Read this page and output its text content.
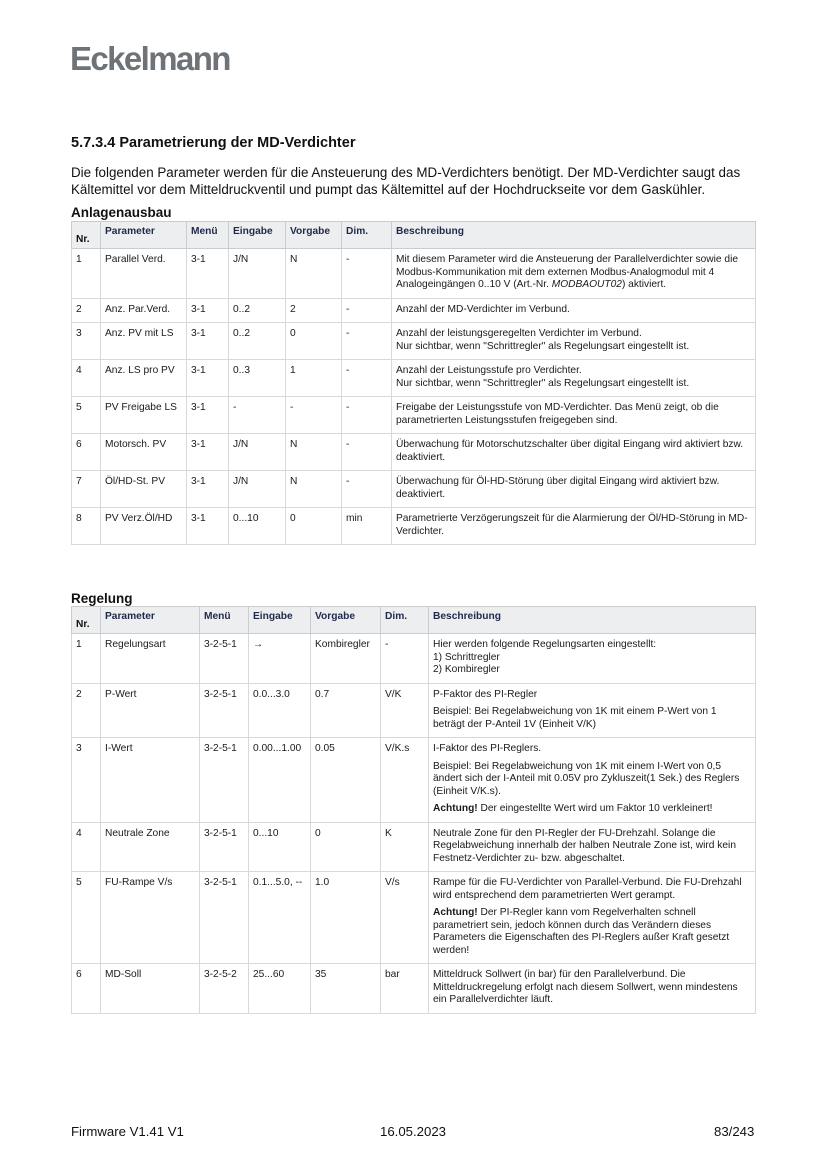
Eckelmann
5.7.3.4 Parametrierung der MD-Verdichter
Die folgenden Parameter werden für die Ansteuerung des MD-Verdichters benötigt. Der MD-Verdichter saugt das Kältemittel vor dem Mitteldruckventil und pumpt das Kältemittel auf der Hochdruckseite vor dem Gaskühler.
Anlagenausbau
Nr.	Parameter	Menü	Eingabe	Vorgabe	Dim.	Beschreibung
1	Parallel Verd.	3-1	J/N	N	-	Mit diesem Parameter wird die Ansteuerung der Parallelverdichter sowie die Modbus-Kommunikation mit dem externen Modbus-Analogmodul mit 4 Analogeingängen 0..10 V (Art.-Nr. MODBAOUT02) aktiviert.

2	Anz. Par.Verd.	3-1	0..2	2	-	Anzahl der MD-Verdichter im Verbund.

3	Anz. PV mit LS	3-1	0..2	0	-	Anzahl der leistungsgeregelten Verdichter im Verbund.
Nur sichtbar, wenn "Schrittregler" als Regelungsart eingestellt ist.

4	Anz. LS pro PV	3-1	0..3	1	-	Anzahl der Leistungsstufe pro Verdichter.
Nur sichtbar, wenn "Schrittregler" als Regelungsart eingestellt ist.

5	PV Freigabe LS	3-1	-	-	-	Freigabe der Leistungsstufe von MD-Verdichter. Das Menü zeigt, ob die parametrierten Leistungsstufen freigegeben sind.

6	Motorsch. PV	3-1	J/N	N	-	Überwachung für Motorschutzschalter über digital Eingang wird aktiviert bzw. deaktiviert.

7	Öl/HD-St. PV	3-1	J/N	N	-	Überwachung für Öl-HD-Störung über digital Eingang wird aktiviert bzw. deaktiviert.

8	PV Verz.Öl/HD	3-1	0...10	0	min	Parametrierte Verzögerungszeit für die Alarmierung der Öl/HD-Störung in MD-Verdichter.

Regelung
Nr.	Parameter	Menü	Eingabe	Vorgabe	Dim.	Beschreibung
1	Regelungsart	3-2-5-1	→	Kombiregler	-	Hier werden folgende Regelungsarten eingestellt:
1) Schrittregler
2) Kombiregler

2	P-Wert	3-2-5-1	0.0...3.0	0.7	V/K	P-Faktor des PI-Regler

Beispiel: Bei Regelabweichung von 1K mit einem P-Wert von 1 beträgt der P-Anteil 1V (Einheit V/K)

3	I-Wert	3-2-5-1	0.00...1.00	0.05	V/K.s	I-Faktor des PI-Reglers.

Beispiel: Bei Regelabweichung von 1K mit einem I-Wert von 0,5 ändert sich der I-Anteil mit 0.05V pro Zykluszeit(1 Sek.) des Reglers (Einheit V/K.s).

Achtung! Der eingestellte Wert wird um Faktor 10 verkleinert!

4	Neutrale Zone	3-2-5-1	0...10	0	K	Neutrale Zone für den PI-Regler der FU-Drehzahl. Solange die Regelabweichung innerhalb der halben Neutrale Zone ist, wird kein Festnetz-Verdichter zu- bzw. abgeschaltet.

5	FU-Rampe V/s	3-2-5-1	0.1...5.0, --	1.0	V/s	Rampe für die FU-Verdichter von Parallel-Verbund. Die FU-Drehzahl wird entsprechend dem parametrierten Wert gerampt.

Achtung! Der PI-Regler kann vom Regelverhalten schnell parametriert sein, jedoch können durch das Verändern dieses Parameters die Eigenschaften des PI-Reglers außer Kraft gesetzt werden!

6	MD-Soll	3-2-5-2	25...60	35	bar	Mitteldruck Sollwert (in bar) für den Parallelverbund. Die Mitteldruckregelung erfolgt nach diesem Sollwert, wenn mindestens ein Parallelverdichter läuft.

Firmware V1.41 V1	16.05.2023	83/243
